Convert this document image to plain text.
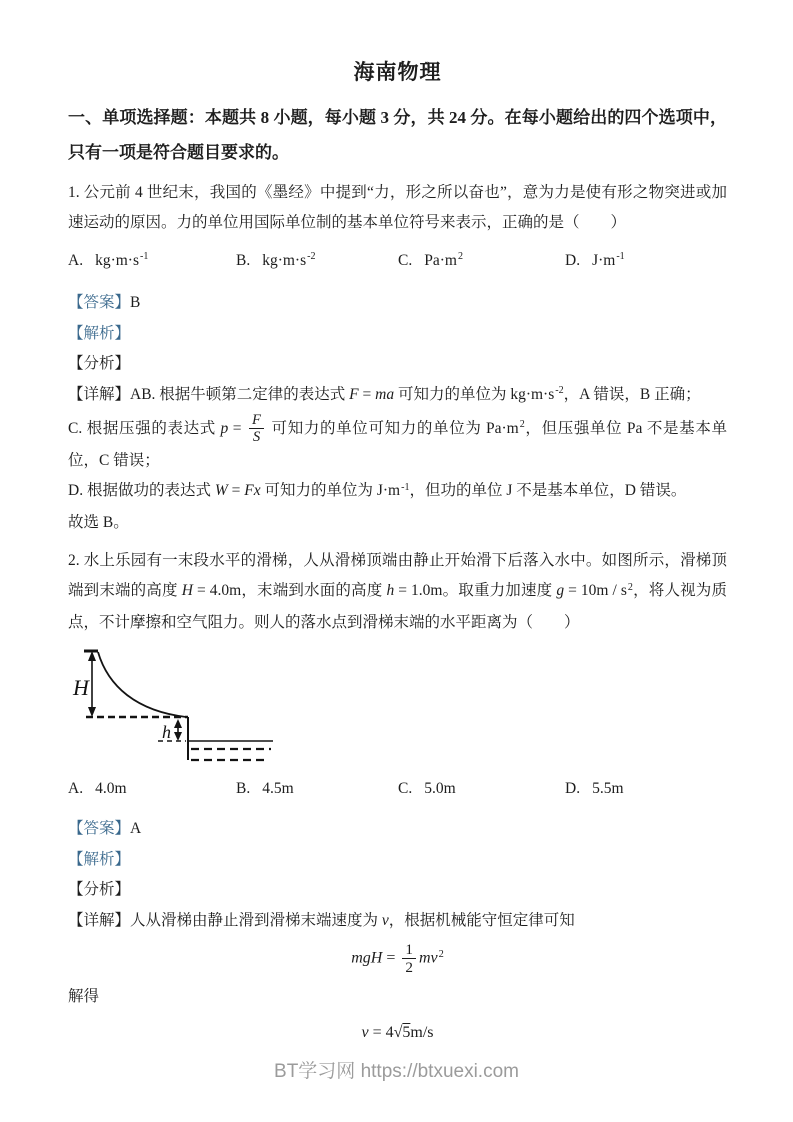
海南物理

一、单项选择题：本题共 8 小题，每小题 3 分，共 24 分。在每小题给出的四个选项中，只有一项是符合题目要求的。

1. 公元前 4 世纪末，我国的《墨经》中提到“力，形之所以奋也”，意为力是使有形之物突进或加速运动的原因。力的单位用国际单位制的基本单位符号来表示，正确的是（　　）

A. $kg\cdot m\cdot s^{-1}$	B. $kg\cdot m\cdot s^{-2}$	C. $Pa\cdot m^2$	D. $J\cdot m^{-1}$

【答案】B

【解析】

【分析】

【详解】AB. 根据牛顿第二定律的表达式 F = ma 可知力的单位为 $kg\cdot m\cdot s^{-2}$，A 错误，B 正确；

C. 根据压强的表达式 $p = \frac{F}{S}$ 可知力的单位可知力的单位为 $Pa\cdot m^2$，但压强单位 Pa 不是基本单位，C 错误；

D. 根据做功的表达式 W = Fx 可知力的单位为 $J\cdot m^{-1}$，但功的单位 J 不是基本单位，D 错误。

故选 B。

2. 水上乐园有一末段水平的滑梯，人从滑梯顶端由静止开始滑下后落入水中。如图所示，滑梯顶端到末端的高度 H = 4.0m，末端到水面的高度 h = 1.0m。取重力加速度 $g = 10m / s^2$，将人视为质点，不计摩擦和空气阻力。则人的落水点到滑梯末端的水平距离为（　　）

H
h
A. 4.0m	B. 4.5m	C. 5.0m	D. 5.5m

【答案】A

【解析】

【分析】

【详解】人从滑梯由静止滑到滑梯末端速度为 v，根据机械能守恒定律可知

mgH = $\frac{1}{2} mv^2$

解得

v = 4√5m/s

BT学习网 https://btxuexi.com
